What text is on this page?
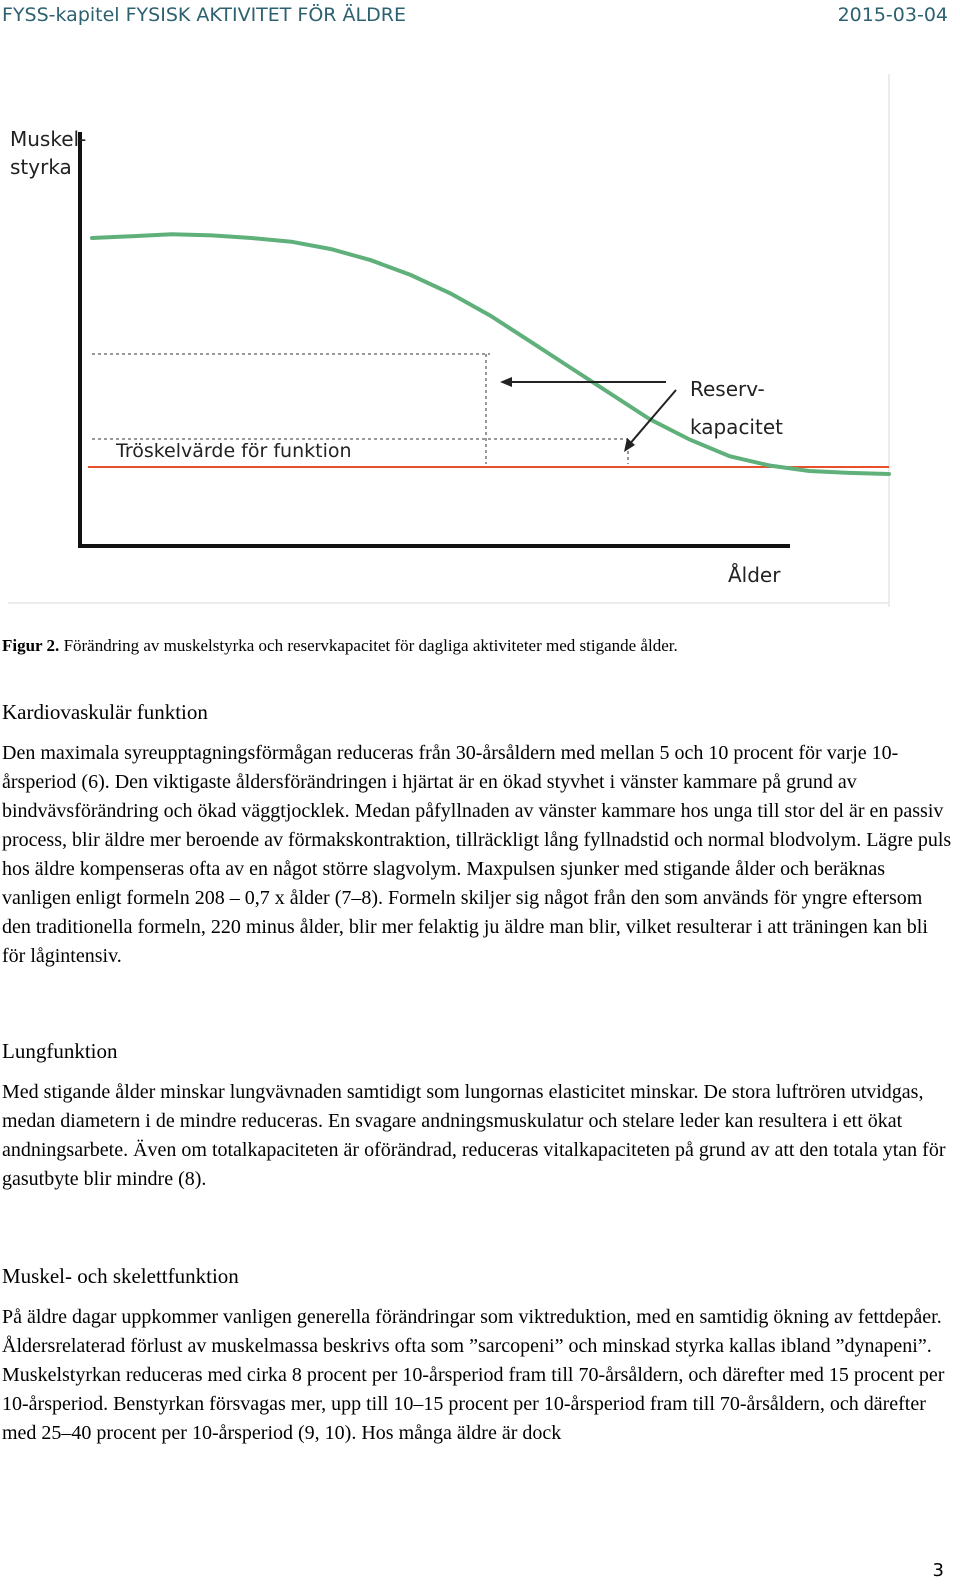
FYSS-kapitel FYSISK AKTIVITET FÖR ÄLDRE	2015-03-04
Muskel- styrka
Tröskelvärde för funktion
Reserv- kapacitet
Ålder
Figur 2. Förändring av muskelstyrka och reservkapacitet för dagliga aktiviteter med stigande ålder.
Kardiovaskulär funktion

Den maximala syreupptagningsförmågan reduceras från 30-årsåldern med mellan 5 och 10 procent för varje 10-årsperiod (6). Den viktigaste åldersförändringen i hjärtat är en ökad styvhet i vänster kammare på grund av bindvävsförändring och ökad väggtjocklek. Medan påfyllnaden av vänster kammare hos unga till stor del är en passiv process, blir äldre mer beroende av förmakskontraktion, tillräckligt lång fyllnadstid och normal blodvolym. Lägre puls hos äldre kompenseras ofta av en något större slagvolym. Maxpulsen sjunker med stigande ålder och beräknas vanligen enligt formeln 208 – 0,7 x ålder (7–8). Formeln skiljer sig något från den som används för yngre eftersom den traditionella formeln, 220 minus ålder, blir mer felaktig ju äldre man blir, vilket resulterar i att träningen kan bli för lågintensiv.

Lungfunktion

Med stigande ålder minskar lungvävnaden samtidigt som lungornas elasticitet minskar. De stora luftrören utvidgas, medan diametern i de mindre reduceras. En svagare andningsmuskulatur och stelare leder kan resultera i ett ökat andningsarbete. Även om totalkapaciteten är oförändrad, reduceras vitalkapaciteten på grund av att den totala ytan för gasutbyte blir mindre (8).

Muskel- och skelettfunktion

På äldre dagar uppkommer vanligen generella förändringar som viktreduktion, med en samtidig ökning av fettdepåer. Åldersrelaterad förlust av muskelmassa beskrivs ofta som ”sarcopeni” och minskad styrka kallas ibland ”dynapeni”. Muskelstyrkan reduceras med cirka 8 procent per 10-årsperiod fram till 70-årsåldern, och därefter med 15 procent per 10-årsperiod. Benstyrkan försvagas mer, upp till 10–15 procent per 10-årsperiod fram till 70-årsåldern, och därefter med 25–40 procent per 10-årsperiod (9, 10). Hos många äldre är dock

3
